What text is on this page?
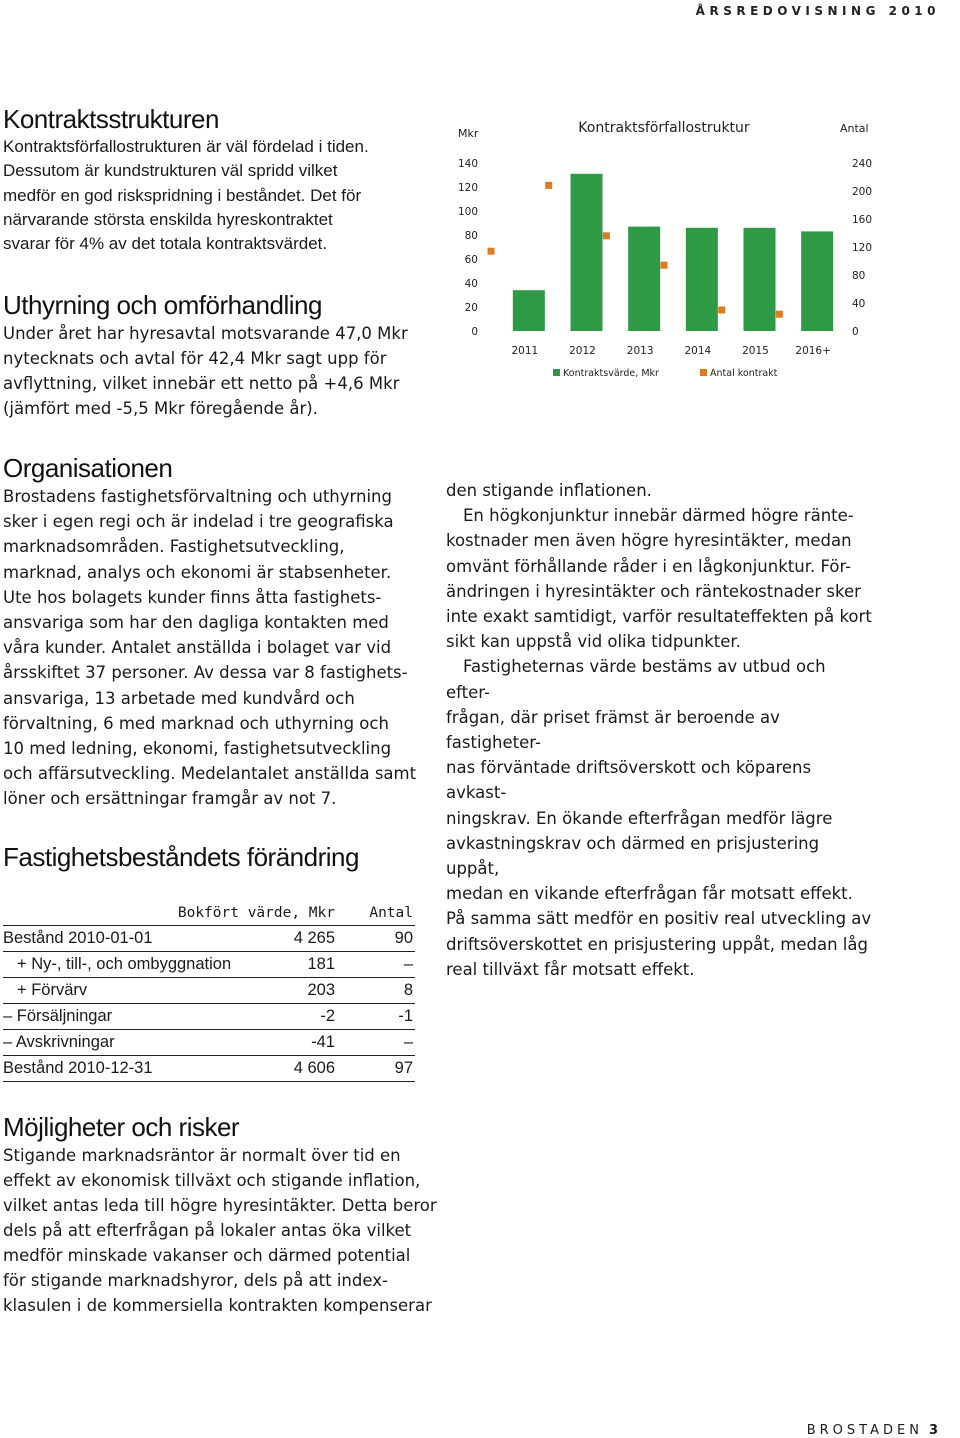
ÅRSREDOVISNING 2010
Kontraktsstrukturen

Kontraktsförfallostrukturen är väl fördelad i tiden.

Dessutom är kundstrukturen väl spridd vilket

medför en god riskspridning i beståndet. Det för

närvarande största enskilda hyreskontraktet

svarar för 4% av det totala kontraktsvärdet.

Uthyrning och omförhandling

Under året har hyresavtal motsvarande 47,0 Mkr

nytecknats och avtal för 42,4 Mkr sagt upp för

avflyttning, vilket innebär ett netto på +4,6 Mkr

(jämfört med -5,5 Mkr föregående år).

Kontraktsförfallostruktur
Mkr	Antal
0
20
40
60
80
100
120
140
0
40
80
120
160
200
240
2011	2012	2013	2014	2015	2016+
Kontraktsvärde, Mkr	Antal kontrakt
Organisationen

Brostadens fastighetsförvaltning och uthyrning

sker i egen regi och är indelad i tre geografiska

marknadsområden. Fastighetsutveckling,

marknad, analys och ekonomi är stabsenheter.

Ute hos bolagets kunder finns åtta fastighets-

ansvariga som har den dagliga kontakten med

våra kunder. Antalet anställda i bolaget var vid

årsskiftet 37 personer. Av dessa var 8 fastighets-

ansvariga, 13 arbetade med kundvård och

förvaltning, 6 med marknad och uthyrning och

10 med ledning, ekonomi, fastighetsutveckling

och affärsutveckling. Medelantalet anställda samt

löner och ersättningar framgår av not 7.

den stigande inflationen.

En högkonjunktur innebär därmed högre ränte-

kostnader men även högre hyresintäkter, medan

omvänt förhållande råder i en lågkonjunktur. För-

ändringen i hyresintäkter och räntekostnader sker

inte exakt samtidigt, varför resultateffekten på kort

sikt kan uppstå vid olika tidpunkter.

Fastigheternas värde bestäms av utbud och efter-

frågan, där priset främst är beroende av fastigheter-

nas förväntade driftsöverskott och köparens avkast-

ningskrav. En ökande efterfrågan medför lägre

avkastningskrav och därmed en prisjustering uppåt,

medan en vikande efterfrågan får motsatt effekt.

På samma sätt medför en positiv real utveckling av

driftsöverskottet en prisjustering uppåt, medan låg

real tillväxt får motsatt effekt.

Fastighetsbeståndets förändring
Bokfört värde, Mkr Antal
Bestånd 2010-01-01	4 265	90
+ Ny-, till-, och ombyggnation	181	–
+ Förvärv	203	8
– Försäljningar	-2	-1
– Avskrivningar	-41	–
Bestånd 2010-12-31	4 606	97
Möjligheter och risker

Stigande marknadsräntor är normalt över tid en

effekt av ekonomisk tillväxt och stigande inflation,

vilket antas leda till högre hyresintäkter. Detta beror

dels på att efterfrågan på lokaler antas öka vilket

medför minskade vakanser och därmed potential

för stigande marknadshyror, dels på att index-

klasulen i de kommersiella kontrakten kompenserar

BROSTADEN 3
